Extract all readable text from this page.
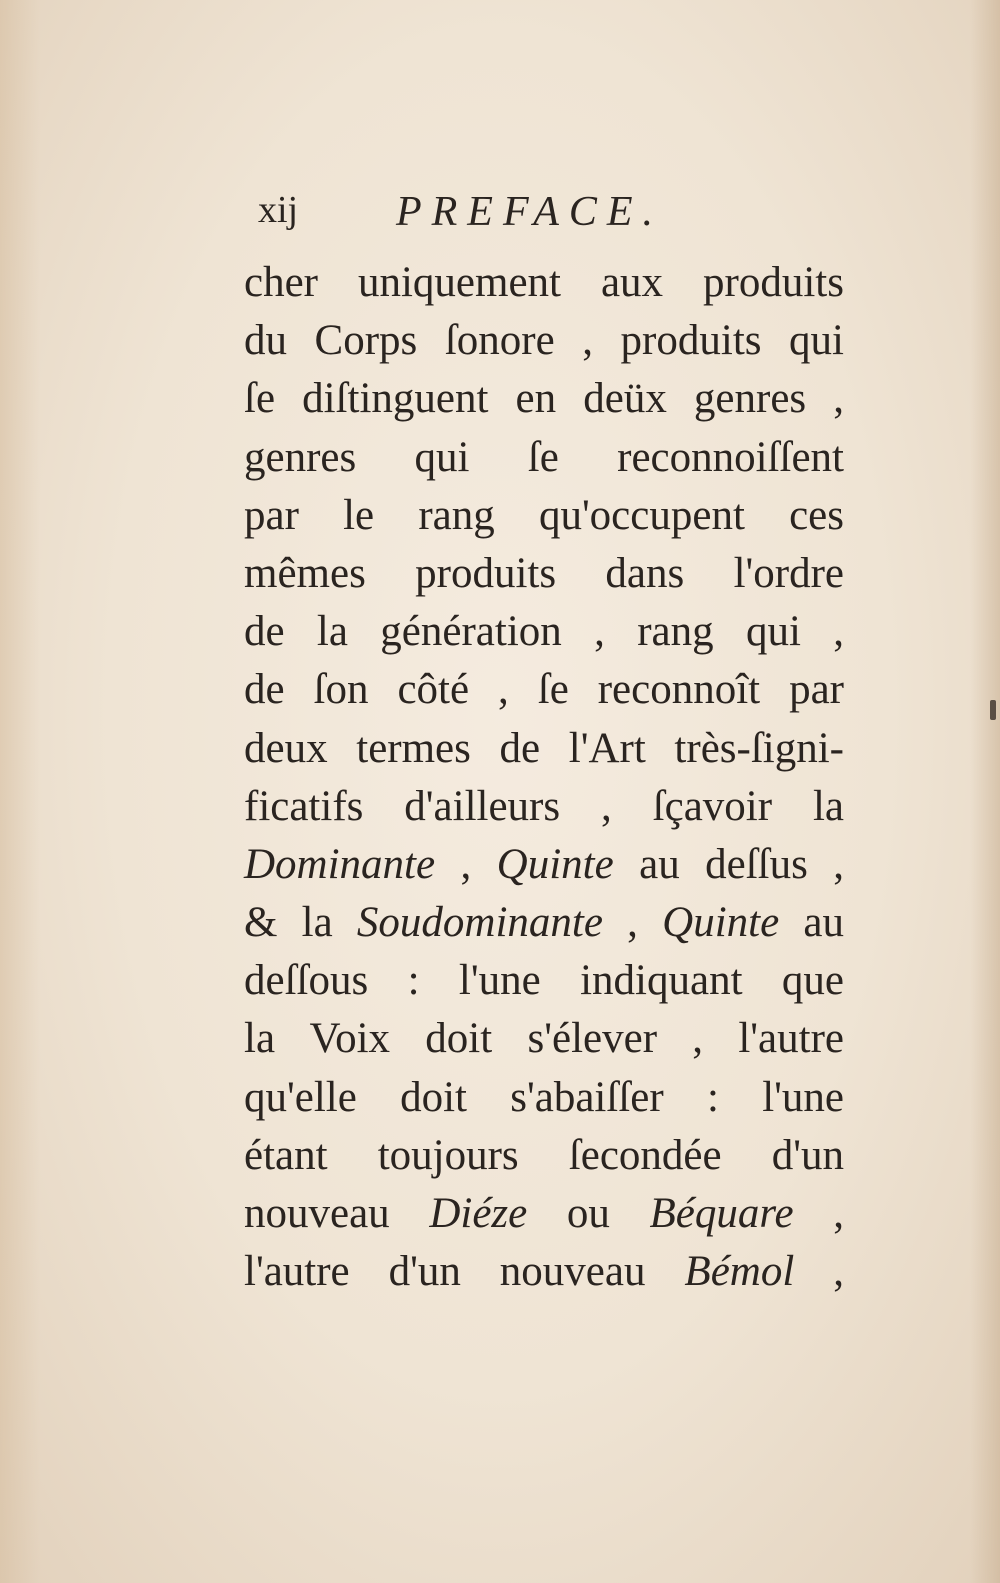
xij PREFACE.
cher uniquement aux produits
du Corps ſonore , produits qui
ſe diſtinguent en deüx genres ,
genres qui ſe reconnoiſſent
par le rang qu'occupent ces
mêmes produits dans l'ordre
de la génération , rang qui ,
de ſon côté , ſe reconnoît par
deux termes de l'Art très-ſigni-
ficatifs d'ailleurs , ſçavoir la
Dominante , Quinte au deſſus ,
& la Soudominante , Quinte au
deſſous : l'une indiquant que
la Voix doit s'élever , l'autre
qu'elle doit s'abaiſſer : l'une
étant toujours ſecondée d'un
nouveau Diéze ou Béquare ,
l'autre d'un nouveau Bémol ,
